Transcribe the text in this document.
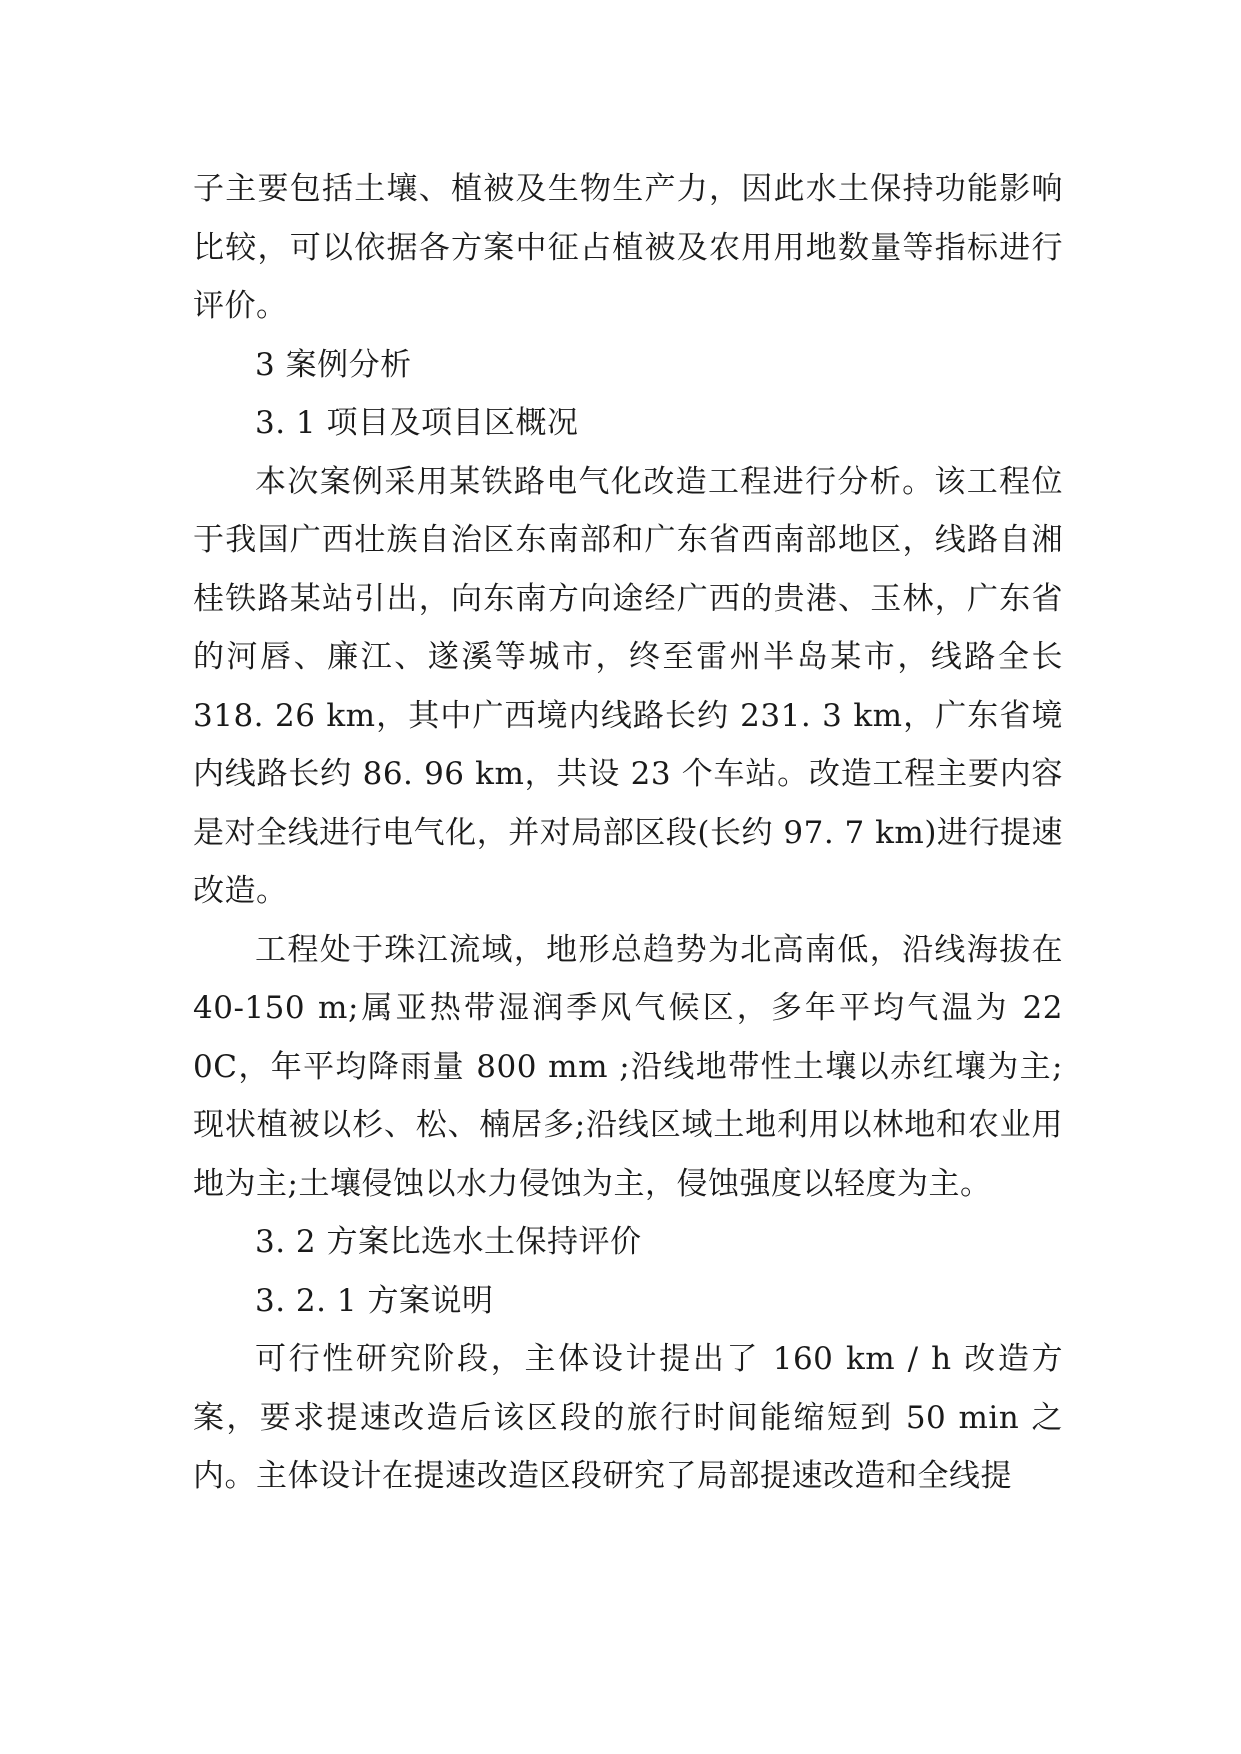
子主要包括土壤、植被及生物生产力，因此水土保持功能影响比较，可以依据各方案中征占植被及农用用地数量等指标进行评价。

3 案例分析

3. 1 项目及项目区概况

本次案例采用某铁路电气化改造工程进行分析。该工程位于我国广西壮族自治区东南部和广东省西南部地区，线路自湘桂铁路某站引出，向东南方向途经广西的贵港、玉林，广东省的河唇、廉江、遂溪等城市，终至雷州半岛某市，线路全长 318. 26 km，其中广西境内线路长约 231. 3 km，广东省境内线路长约 86. 96 km，共设 23 个车站。改造工程主要内容是对全线进行电气化，并对局部区段(长约 97. 7 km)进行提速改造。

工程处于珠江流域，地形总趋势为北高南低，沿线海拔在 40-150 m;属亚热带湿润季风气候区，多年平均气温为 22 0C，年平均降雨量 800 mm ;沿线地带性土壤以赤红壤为主;现状植被以杉、松、楠居多;沿线区域土地利用以林地和农业用地为主;土壤侵蚀以水力侵蚀为主，侵蚀强度以轻度为主。

3. 2 方案比选水土保持评价

3. 2. 1 方案说明

可行性研究阶段，主体设计提出了 160 km / h 改造方案，要求提速改造后该区段的旅行时间能缩短到 50 min 之内。主体设计在提速改造区段研究了局部提速改造和全线提
